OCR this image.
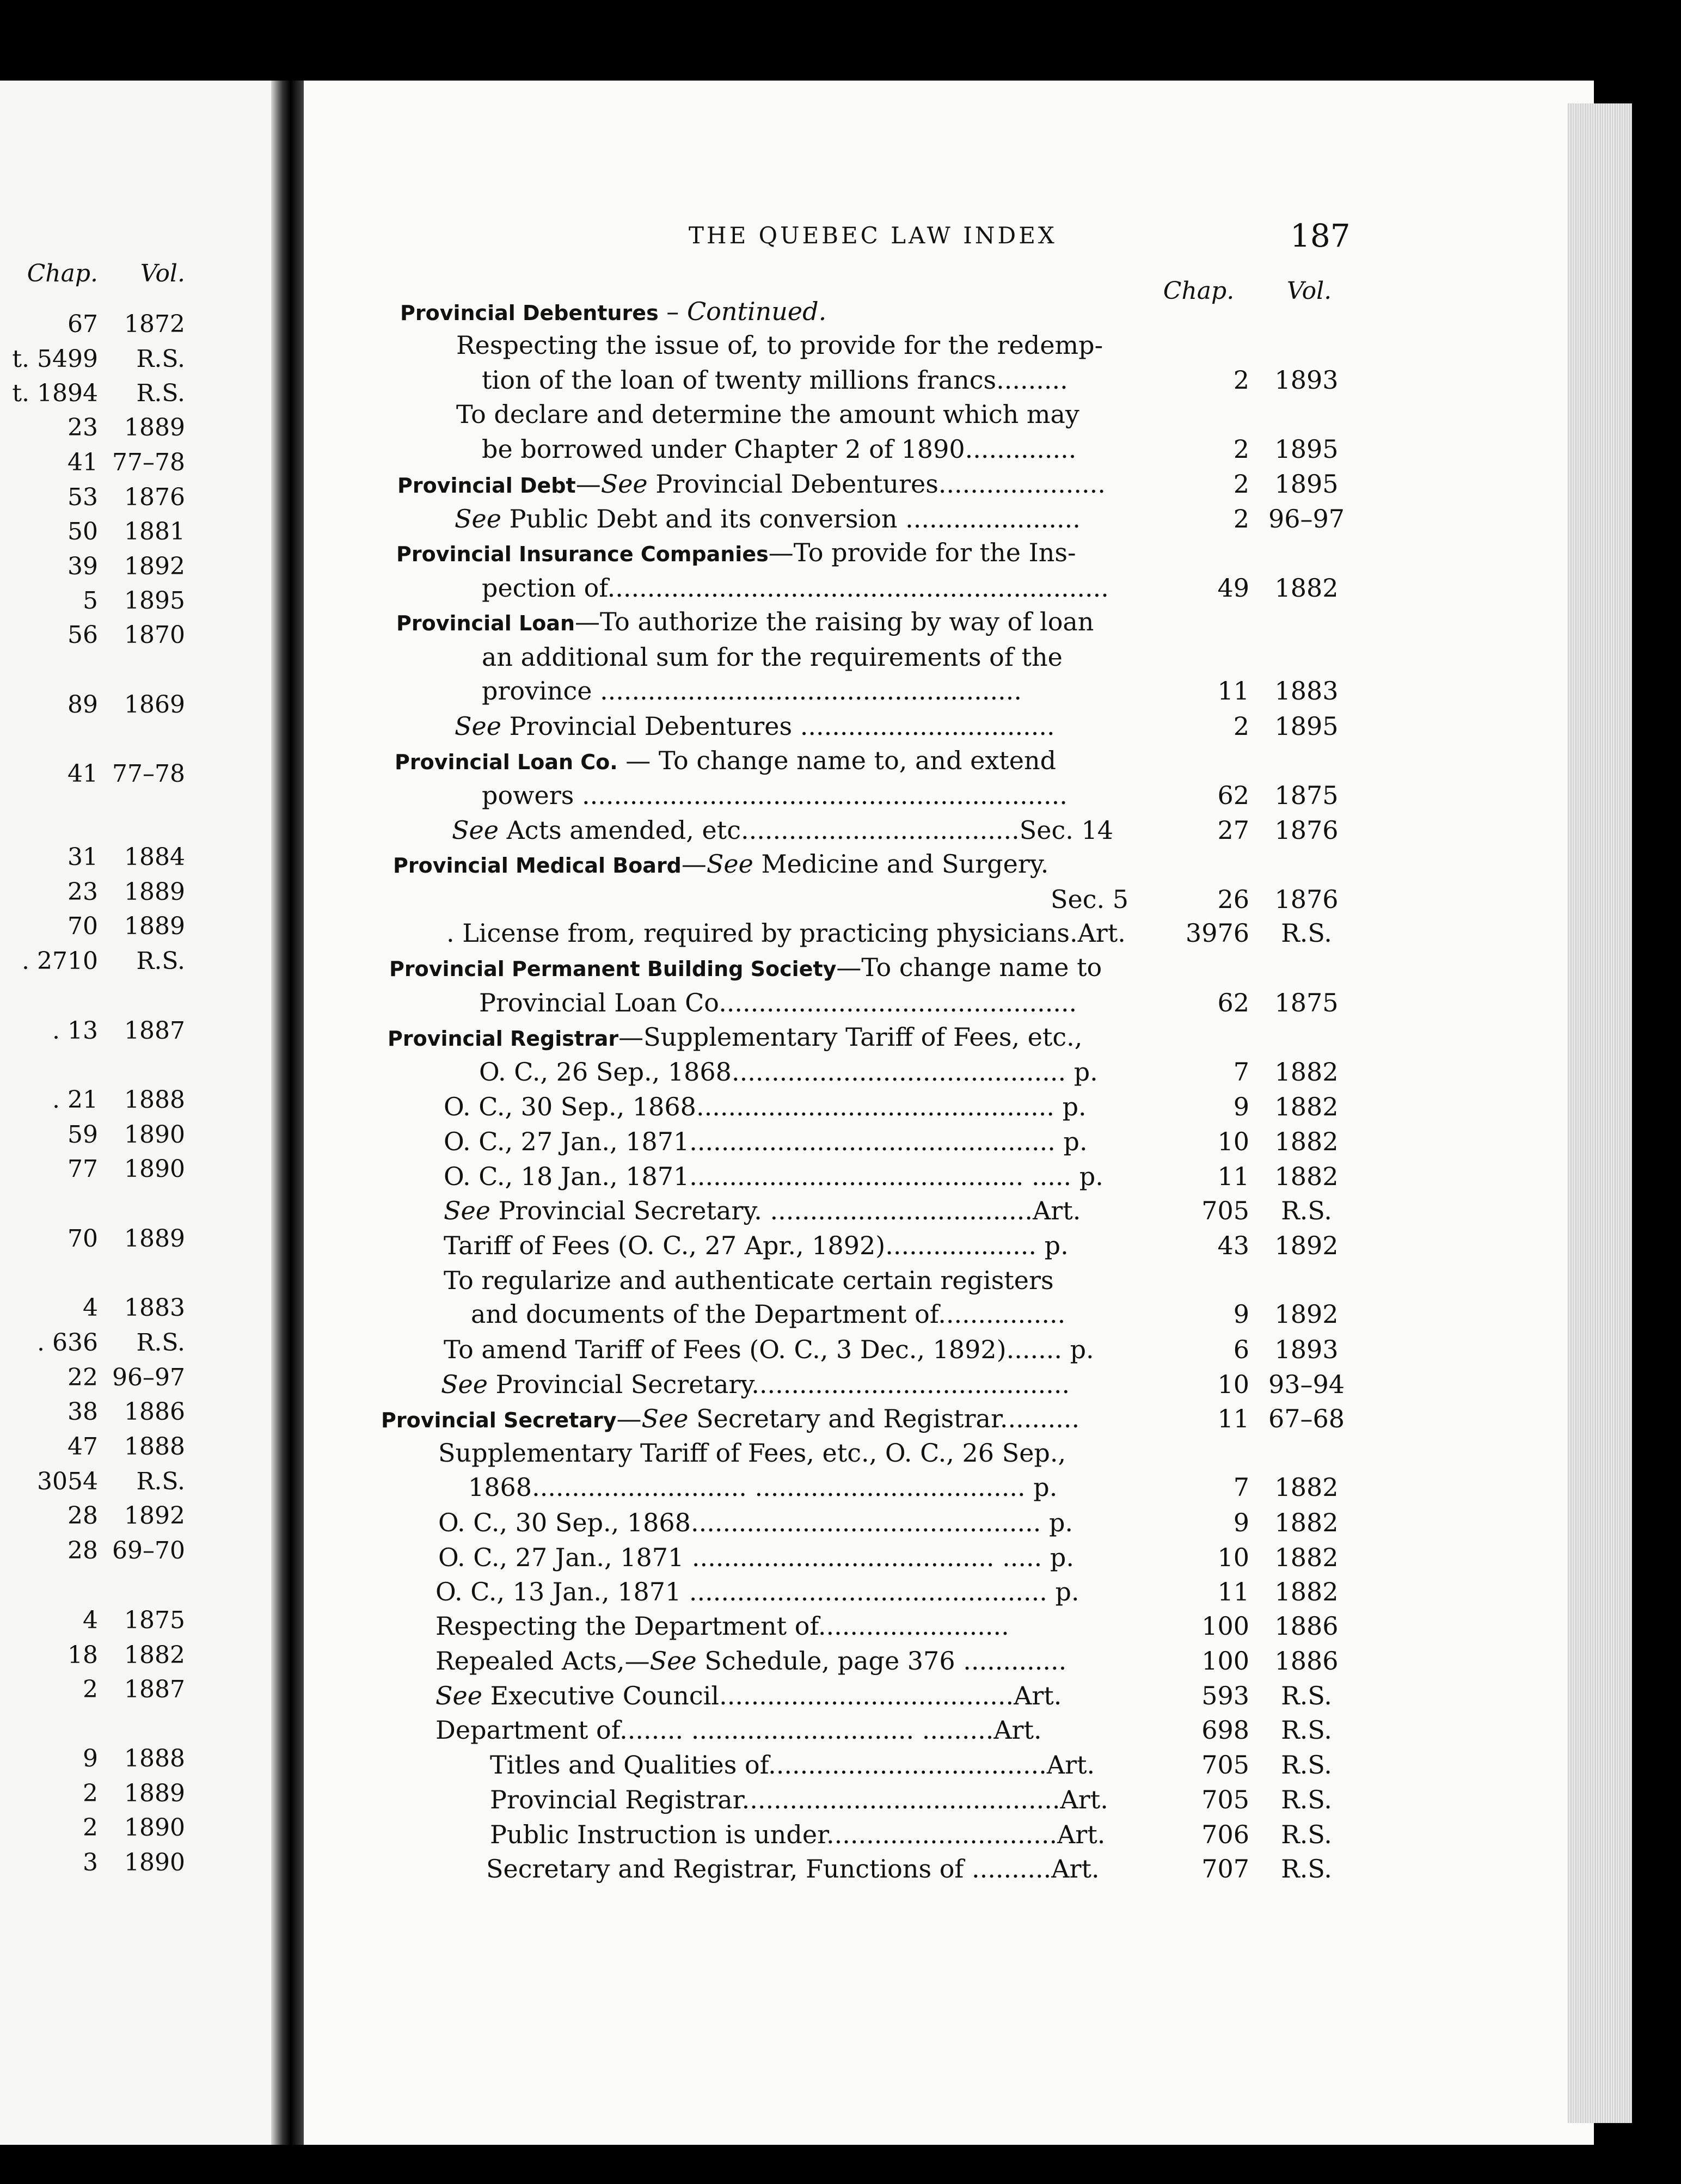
Chap. Vol.
67 1872
t. 5499 R.S.
t. 1894 R.S.
23 1889
41 77–78
53 1876
50 1881
39 1892
5 1895
56 1870
89 1869
41 77–78
31 1884
23 1889
70 1889
. 2710 R.S.
. 13 1887
. 21 1888
59 1890
77 1890
70 1889
4 1883
. 636 R.S.
22 96–97
38 1886
47 1888
3054 R.S.
28 1892
28 69–70
4 1875
18 1882
2 1887
9 1888
2 1889
2 1890
3 1890
THE QUEBEC LAW INDEX	187
Chap.	Vol.
Provincial Debentures – Continued.
Respecting the issue of, to provide for the redemp-
tion of the loan of twenty millions francs.........	2	1893
To declare and determine the amount which may
be borrowed under Chapter 2 of 1890..............	2	1895
Provincial Debt—See Provincial Debentures.....................	2	1895
See Public Debt and its conversion ......................	2 96–97
Provincial Insurance Companies—To provide for the Ins-
pection of...............................................................	49	1882
Provincial Loan—To authorize the raising by way of loan
an additional sum for the requirements of the
province .....................................................	11	1883
See Provincial Debentures ................................	2	1895
Provincial Loan Co. — To change name to, and extend
powers .............................................................	62	1875
See Acts amended, etc...................................Sec. 14	27	1876
Provincial Medical Board—See Medicine and Surgery.
Sec. 5	26	1876
. License from, required by practicing physicians.Art.	3976	R.S.
Provincial Permanent Building Society—To change name to
Provincial Loan Co.............................................	62	1875
Provincial Registrar—Supplementary Tariff of Fees, etc.,
O. C., 26 Sep., 1868.......................................... p.	7	1882
O. C., 30 Sep., 1868............................................. p.	9	1882
O. C., 27 Jan., 1871.............................................. p.	10	1882
O. C., 18 Jan., 1871.......................................... ..... p.	11	1882
See Provincial Secretary. .................................Art.	705	R.S.
Tariff of Fees (O. C., 27 Apr., 1892)................... p.	43	1892
To regularize and authenticate certain registers
and documents of the Department of................	9	1892
To amend Tariff of Fees (O. C., 3 Dec., 1892)....... p.	6	1893
See Provincial Secretary........................................	10 93–94
Provincial Secretary—See Secretary and Registrar..........	11 67–68
Supplementary Tariff of Fees, etc., O. C., 26 Sep.,
1868........................... .................................. p.	7	1882
O. C., 30 Sep., 1868............................................ p.	9	1882
O. C., 27 Jan., 1871 ...................................... ..... p.	10	1882
O. C., 13 Jan., 1871 ............................................. p.	11	1882
Respecting the Department of........................	100	1886
Repealed Acts,—See Schedule, page 376 .............	100	1886
See Executive Council.....................................Art.	593	R.S.
Department of........ ............................ .........Art.	698	R.S.
Titles and Qualities of...................................Art.	705	R.S.
Provincial Registrar........................................Art.	705	R.S.
Public Instruction is under.............................Art.	706	R.S.
Secretary and Registrar, Functions of ..........Art.	707	R.S.
